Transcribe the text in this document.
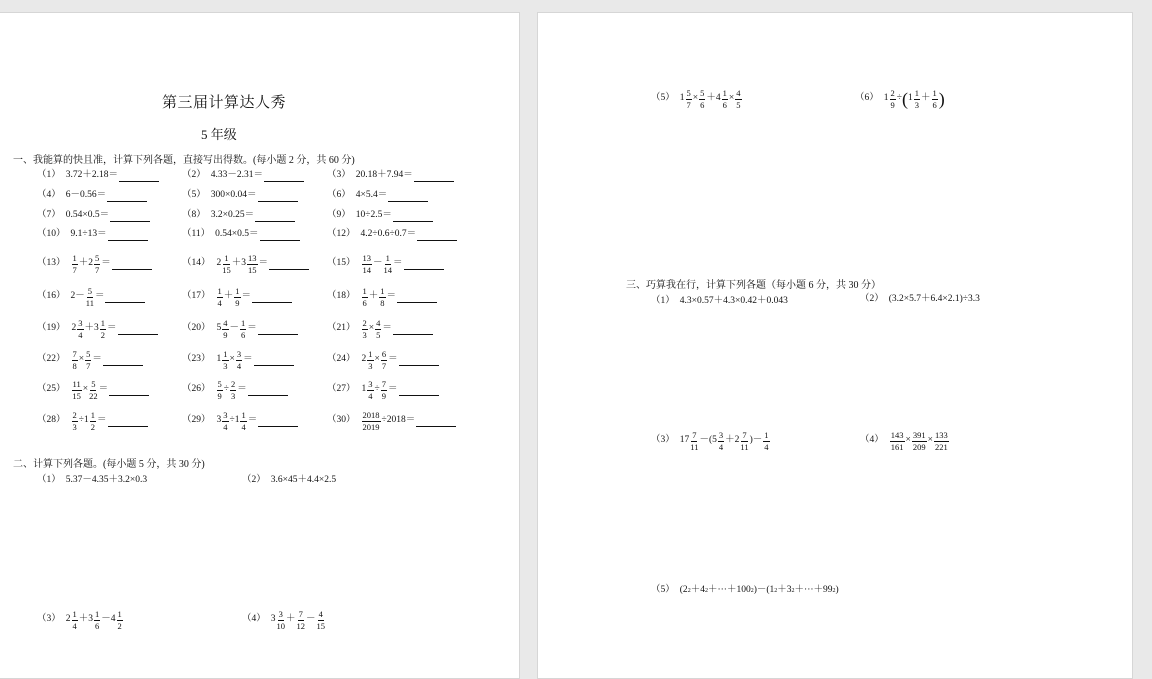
第三届计算达人秀
5 年级
一、我能算的快且准，计算下列各题，直接写出得数。(每小题 2 分，共 60 分)
（1） 3.72＋2.18＝	（2） 4.33－2.31＝	（3） 20.18＋7.94＝
（4） 6－0.56＝	（5） 300×0.04＝	（6） 4×5.4＝
（7） 0.54×0.5＝	（8） 3.2×0.25＝	（9） 10÷2.5＝
（10） 9.1÷13＝	（11） 0.54×0.5＝	（12） 4.2÷0.6÷0.7＝
$(13) \frac{1}{7} +2 \frac{5}{7}$ ＝	（14） $2 \frac{1}{15} +3 \frac{13}{15}$ ＝	$(15) \frac{13}{14} - \frac{1}{14}$ ＝
（16） $2- \frac{5}{11}$ ＝	$(17) \frac{1}{4} + \frac{1}{9}$ ＝	$(18) \frac{1}{6} + \frac{1}{8}$ ＝
（19） $2 \frac{3}{4} +3 \frac{1}{2}$ ＝	（20） $5 \frac{4}{9} - \frac{1}{6}$ ＝	$(21) \frac{2}{3} \times \frac{4}{5}$ ＝
$(22) \frac{7}{8} \times \frac{5}{7}$ ＝	（23） $1 \frac{1}{3} \times \frac{3}{4}$ ＝	（24） $2 \frac{1}{3} \times \frac{6}{7}$ ＝
$(25) \frac{11}{15} \times \frac{5}{22}$ ＝	$(26) \frac{5}{9} \div \frac{2}{3}$ ＝	（27） $1 \frac{3}{4} \div \frac{7}{9}$ ＝
$(28) \frac{2}{3} \div 1 \frac{1}{2}$ ＝	（29） $3 \frac{3}{4} \div 1 \frac{1}{4}$ ＝	$(30) \frac{2018}{2019} \div 2018=$
二、计算下列各题。(每小题 5 分，共 30 分)
（1） 5.37－4.35＋3.2×0.3	（2） 3.6×45＋4.4×2.5
（3） $2 \frac{1}{4} +3 \frac{1}{6} -4 \frac{1}{2}$	（4） $3 \frac{3}{10} + \frac{7}{12} - \frac{4}{15}$
（5） $1 \frac{5}{7} \times \frac{5}{6} +4 \frac{1}{6} \times \frac{4}{5}$	（6） $1 \frac{2}{9}$ ÷ ( $1 \frac{1}{3} + \frac{1}{6}$ )
三、巧算我在行，计算下列各题（每小题 6 分，共 30 分）
（1） 4.3×0.57＋4.3×0.42＋0.043	（2） (3.2×5.7＋6.4×2.1)÷3.3
（3） $17 \frac{7}{11} -(5 \frac{3}{4} +2 \frac{7}{11}$ )－ $\frac{1}{4}$	$(4) \frac{143}{161} \times \frac{391}{209} \times \frac{133}{221}$
（5） (2 2 ＋4 2 ＋···＋100 2 )－(1 2 ＋3 2 ＋···＋99 2 )
